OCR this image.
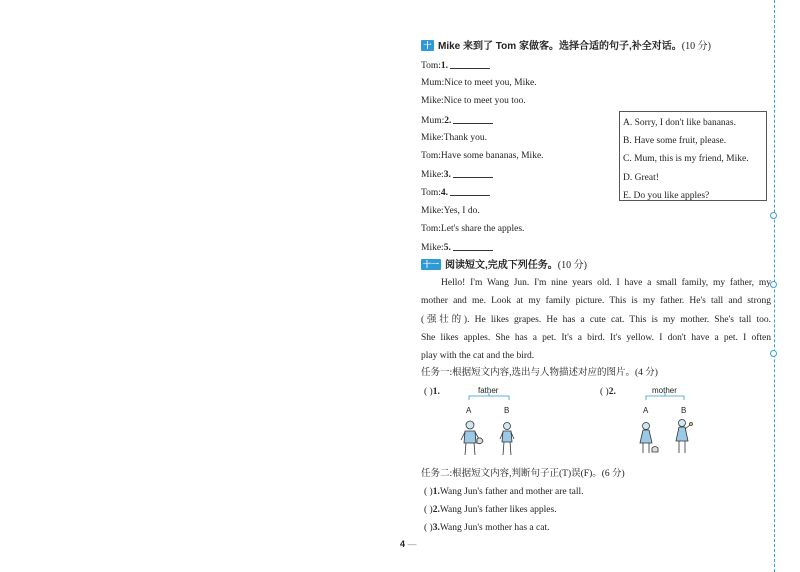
十 Mike 来到了 Tom 家做客。选择合适的句子,补全对话。(10 分)
Tom:1.
Mum:Nice to meet you, Mike.
Mike:Nice to meet you too.
Mum:2.
Mike:Thank you.
Tom:Have some bananas, Mike.
Mike:3.
Tom:4.
Mike:Yes, I do.
Tom:Let's share the apples.
Mike:5.
A. Sorry, I don't like bananas.
B. Have some fruit, please.
C. Mum, this is my friend, Mike.
D. Great!
E. Do you like apples?
十一 阅读短文,完成下列任务。(10 分)
Hello! I'm Wang Jun. I'm nine years old. I have a small family, my father, my
mother and me. Look at my family picture. This is my father. He's tall and strong
(强壮的). He likes grapes. He has a cute cat. This is my mother. She's tall too.
She likes apples. She has a pet. It's a bird. It's yellow. I don't have a pet. I often
play with the cat and the bird.
任务一:根据短文内容,选出与人物描述对应的图片。(4 分)
( )1.	father
A	B
( )2.	mother
A	B
任务二:根据短文内容,判断句子正(T)误(F)。(6 分)
( )1.Wang Jun's father and mother are tall.
( )2.Wang Jun's father likes apples.
( )3.Wang Jun's mother has a cat.
4 —
